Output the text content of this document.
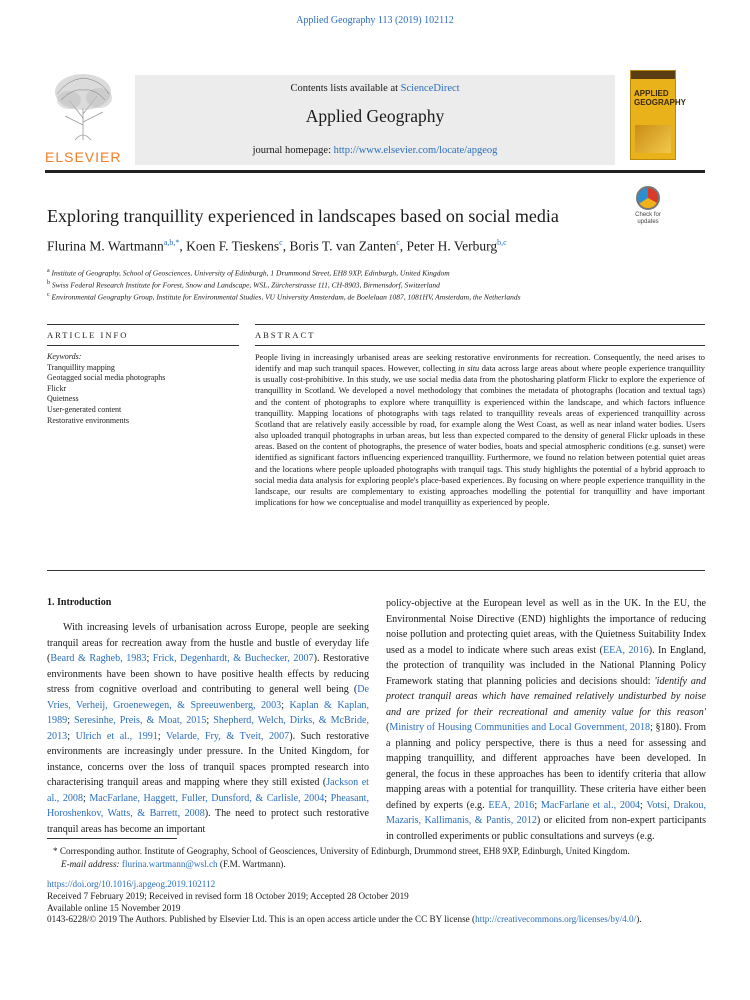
Applied Geography 113 (2019) 102112
ELSEVIER
Contents lists available at ScienceDirect
Applied Geography
journal homepage: http://www.elsevier.com/locate/apgeog
APPLIED GEOGRAPHY
Exploring tranquillity experienced in landscapes based on social media	Check for updates
Flurina M. Wartmann$^{a,b,*}$, Koen F. Tieskens$^c$, Boris T. van Zanten$^c$, Peter H. Verburg$^{b,c}$
$^a$ Institute of Geography, School of Geosciences, University of Edinburgh, 1 Drummond Street, EH8 9XP, Edinburgh, United Kingdom
$^b$ Swiss Federal Research Institute for Forest, Snow and Landscape, WSL, Zürcherstrasse 111, CH-8903, Birmensdorf, Switzerland
$^c$ Environmental Geography Group, Institute for Environmental Studies, VU University Amsterdam, de Boelelaan 1087, 1081HV, Amsterdam, the Netherlands
ARTICLE INFO	ABSTRACT
Keywords:
Tranquillity mapping
Geotagged social media photographs
Flickr
Quietness
User-generated content
Restorative environments
People living in increasingly urbanised areas are seeking restorative environments for recreation. Consequently, the need arises to identify and map such tranquil spaces. However, collecting in situ data across large areas about where people experience tranquillity is usually cost-prohibitive. In this study, we use social media data from the photosharing platform Flickr to explore the experience of tranquillity in Scotland. We developed a novel methodology that combines the metadata of photographs (location and textual tags) and the content of photographs to explore where tranquillity is experienced within the landscape, and which factors influence tranquillity. Mapping locations of photographs with tags related to tranquillity reveals areas of experienced tranquillity across Scotland that are relatively easily accessible by road, for example along the West Coast, as well as near inland water bodies. Users also uploaded tranquil photographs in urban areas, but less than expected compared to the density of general Flickr uploads in these areas. Based on the content of photographs, the presence of water bodies, boats and special atmospheric conditions (e.g. sunset) were identified as significant factors influencing experienced tranquillity. Furthermore, we found no relation between potential quiet areas and the locations where people uploaded photographs with tranquil tags. This study highlights the potential of a hybrid approach to social media data analysis for exploring people's place-based experiences. By focusing on where people experience tranquillity in the landscape, our results are complementary to existing approaches modelling the potential for tranquillity and have important implications for how we conceptualise and model tranquillity as experienced by people.
1. Introduction
With increasing levels of urbanisation across Europe, people are seeking tranquil areas for recreation away from the hustle and bustle of everyday life (Beard & Ragheb, 1983; Frick, Degenhardt, & Buchecker, 2007). Restorative environments have been shown to have positive health effects by reducing stress from cognitive overload and contributing to general well being (De Vries, Verheij, Groenewegen, & Spreeuwenberg, 2003; Kaplan & Kaplan, 1989; Seresinhe, Preis, & Moat, 2015; Shepherd, Welch, Dirks, & McBride, 2013; Ulrich et al., 1991; Velarde, Fry, & Tveit, 2007). Such restorative environments are increasingly under pressure. In the United Kingdom, for instance, concerns over the loss of tranquil spaces prompted research into characterising tranquil areas and mapping where they still existed (Jackson et al., 2008; MacFarlane, Haggett, Fuller, Dunsford, & Carlisle, 2004; Pheasant, Horoshenkov, Watts, & Barrett, 2008). The need to protect such restorative tranquil areas has become an important
policy-objective at the European level as well as in the UK. In the EU, the Environmental Noise Directive (END) highlights the importance of reducing noise pollution and protecting quiet areas, with the Quietness Suitability Index used as a model to indicate where such areas exist (EEA, 2016). In England, the protection of tranquility was included in the National Planning Policy Framework stating that planning policies and decisions should: 'identify and protect tranquil areas which have remained relatively undisturbed by noise and are prized for their recreational and amenity value for this reason' (Ministry of Housing Communities and Local Government, 2018; §180). From a planning and policy perspective, there is thus a need for assessing and mapping tranquillity, and different approaches have been developed. In general, the focus in these approaches has been to identify criteria that allow mapping areas with a potential for tranquillity. These criteria have either been defined by experts (e.g. EEA, 2016; MacFarlane et al., 2004; Votsi, Drakou, Mazaris, Kallimanis, & Pantis, 2012) or elicited from non-expert participants in controlled experiments or public consultations and surveys (e.g.
* Corresponding author. Institute of Geography, School of Geosciences, University of Edinburgh, Drummond street, EH8 9XP, Edinburgh, United Kingdom.
E-mail address: flurina.wartmann@wsl.ch (F.M. Wartmann).
https://doi.org/10.1016/j.apgeog.2019.102112
Received 7 February 2019; Received in revised form 18 October 2019; Accepted 28 October 2019
Available online 15 November 2019
0143-6228/© 2019 The Authors. Published by Elsevier Ltd. This is an open access article under the CC BY license (http://creativecommons.org/licenses/by/4.0/).
